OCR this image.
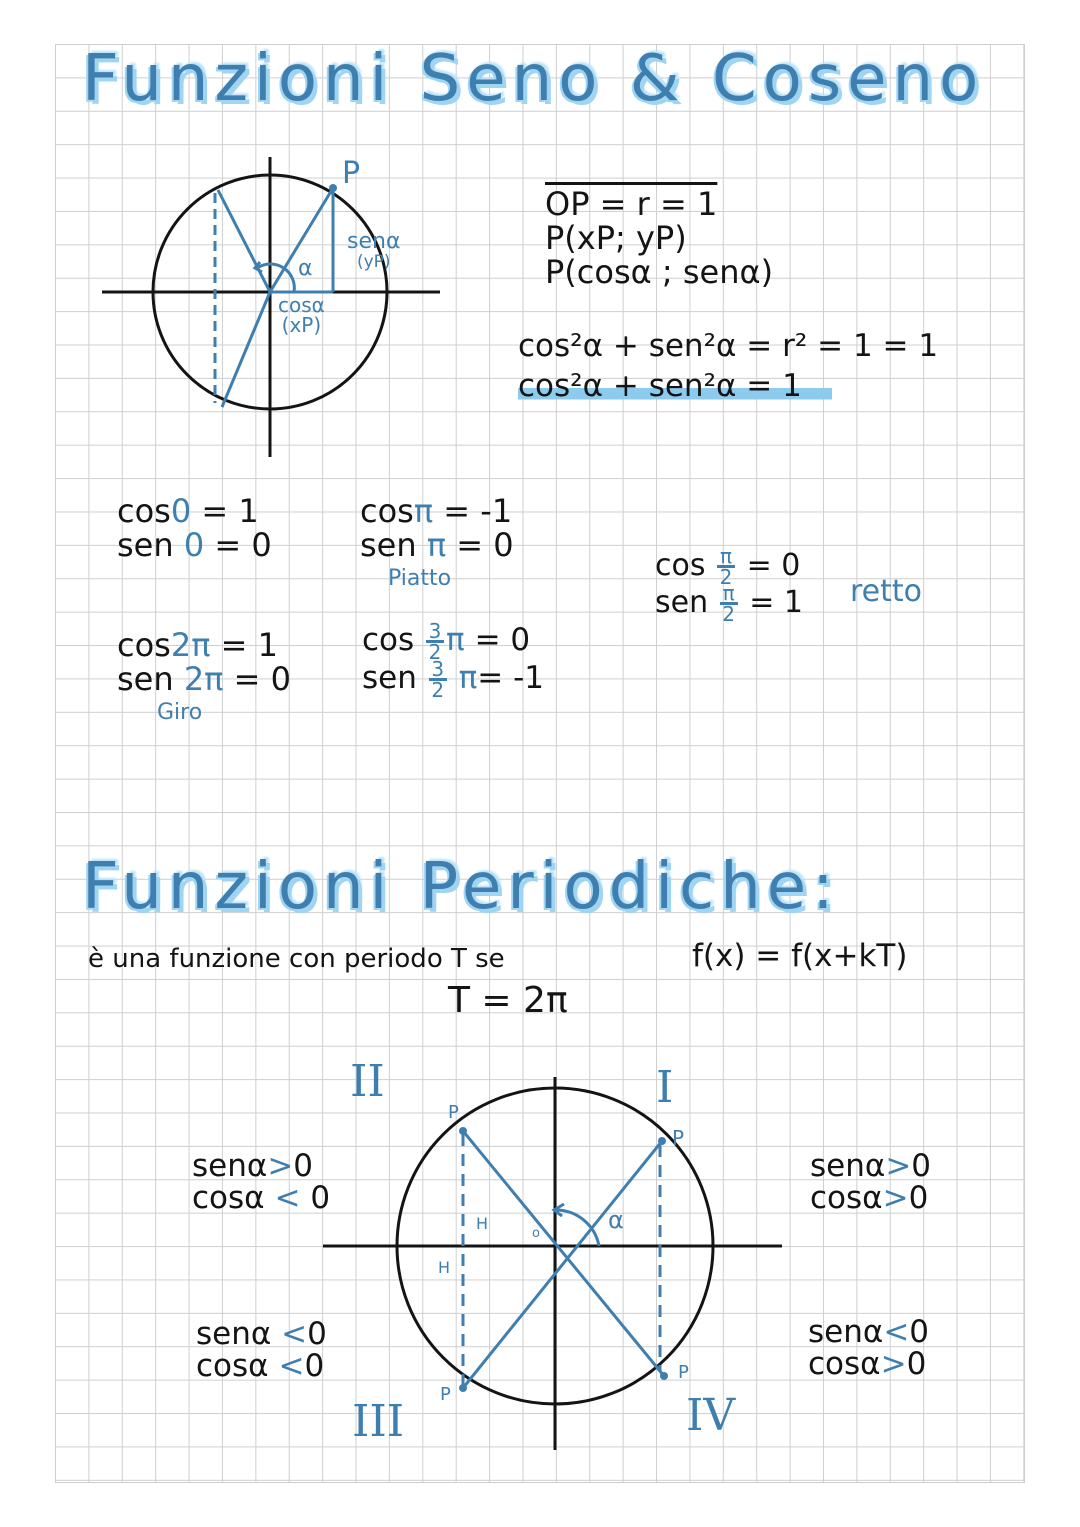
Funzioni Seno & Coseno
P
α
senα
(yP)
cosα
(xP)
OP = r = 1
P(xP; yP)
P(cosα ; senα)
cos²α + sen²α = r² = 1 = 1
cos²α + sen²α = 1
cos0 = 1
sen 0 = 0
cosπ = -1
sen π = 0
Piatto	$\cos \frac{\pi}{2} = 0$
sen $\frac{\pi}{2} = 1$ retto
cos2π = 1
sen 2π = 0
Giro
$\cos \frac{3}{2}$ π = 0
sen $\frac{3}{2} \pi= -1$
Funzioni Periodiche:
è una funzione con periodo T se	f(x) = f(x+kT)
T = 2π
I
II
III	IV
P
P
P
P
α
o
H
H
senα>0
cosα < 0
senα <0
cosα <0
senα>0
cosα>0
senα<0
cosα>0
